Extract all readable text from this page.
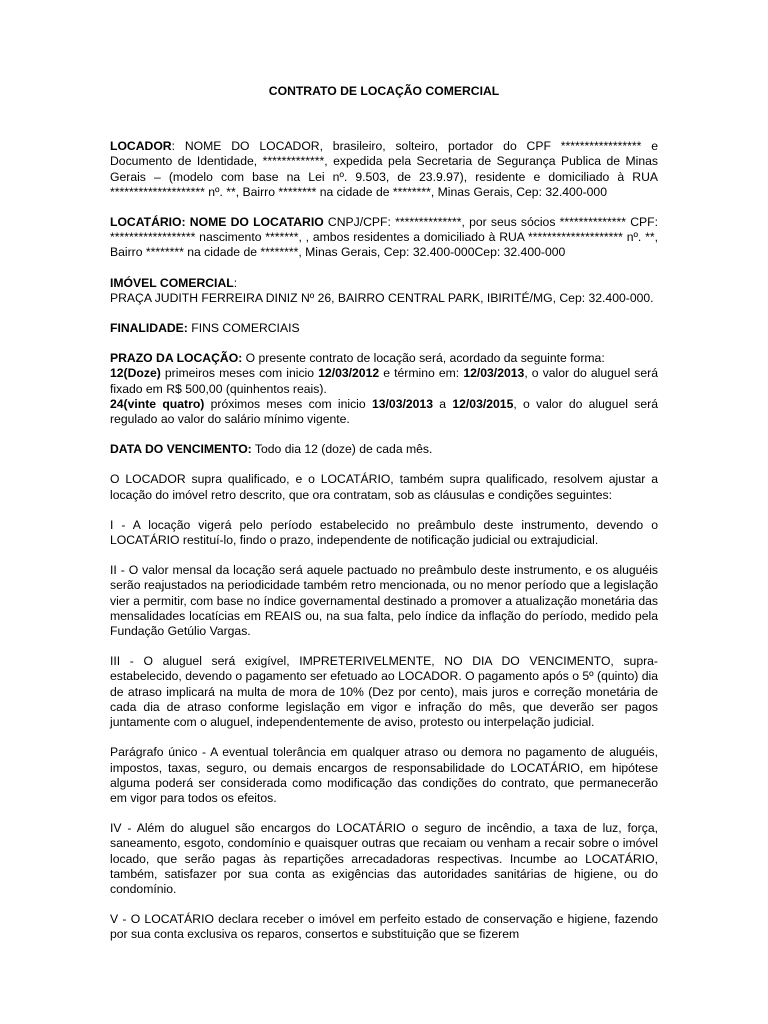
CONTRATO DE LOCAÇÃO COMERCIAL

LOCADOR: NOME DO LOCADOR, brasileiro, solteiro, portador do CPF ***************** e Documento de Identidade, *************, expedida pela Secretaria de Segurança Publica de Minas Gerais – (modelo com base na Lei nº. 9.503, de 23.9.97), residente e domiciliado à RUA ******************** nº. **, Bairro ******** na cidade de ********, Minas Gerais, Cep: 32.400-000

LOCATÁRIO: NOME DO LOCATARIO CNPJ/CPF: **************, por seus sócios ************** CPF: ****************** nascimento *******, , ambos residentes a domiciliado à RUA ******************** nº. **, Bairro ******** na cidade de ********, Minas Gerais, Cep: 32.400-000Cep: 32.400-000

IMÓVEL COMERCIAL:
PRAÇA JUDITH FERREIRA DINIZ Nº 26, BAIRRO CENTRAL PARK, IBIRITÉ/MG, Cep: 32.400-000.

FINALIDADE: FINS COMERCIAIS

PRAZO DA LOCAÇÃO: O presente contrato de locação será, acordado da seguinte forma:
12(Doze) primeiros meses com inicio 12/03/2012 e término em: 12/03/2013, o valor do aluguel será fixado em R$ 500,00 (quinhentos reais).
24(vinte quatro) próximos meses com inicio 13/03/2013 a 12/03/2015, o valor do aluguel será regulado ao valor do salário mínimo vigente.

DATA DO VENCIMENTO: Todo dia 12 (doze) de cada mês.

O LOCADOR supra qualificado, e o LOCATÁRIO, também supra qualificado, resolvem ajustar a locação do imóvel retro descrito, que ora contratam, sob as cláusulas e condições seguintes:

I - A locação vigerá pelo período estabelecido no preâmbulo deste instrumento, devendo o LOCATÁRIO restituí-lo, findo o prazo, independente de notificação judicial ou extrajudicial.

II - O valor mensal da locação será aquele pactuado no preâmbulo deste instrumento, e os aluguéis serão reajustados na periodicidade também retro mencionada, ou no menor período que a legislação vier a permitir, com base no índice governamental destinado a promover a atualização monetária das mensalidades locatícias em REAIS ou, na sua falta, pelo índice da inflação do período, medido pela Fundação Getúlio Vargas.

III - O aluguel será exigível, IMPRETERIVELMENTE, NO DIA DO VENCIMENTO, supra-estabelecido, devendo o pagamento ser efetuado ao LOCADOR. O pagamento após o 5º (quinto) dia de atraso implicará na multa de mora de 10% (Dez por cento), mais juros e correção monetária de cada dia de atraso conforme legislação em vigor e infração do mês, que deverão ser pagos juntamente com o aluguel, independentemente de aviso, protesto ou interpelação judicial.

Parágrafo único - A eventual tolerância em qualquer atraso ou demora no pagamento de aluguéis, impostos, taxas, seguro, ou demais encargos de responsabilidade do LOCATÁRIO, em hipótese alguma poderá ser considerada como modificação das condições do contrato, que permanecerão em vigor para todos os efeitos.

IV - Além do aluguel são encargos do LOCATÁRIO o seguro de incêndio, a taxa de luz, força, saneamento, esgoto, condomínio e quaisquer outras que recaiam ou venham a recair sobre o imóvel locado, que serão pagas às repartições arrecadadoras respectivas. Incumbe ao LOCATÁRIO, também, satisfazer por sua conta as exigências das autoridades sanitárias de higiene, ou do condomínio.

V - O LOCATÁRIO declara receber o imóvel em perfeito estado de conservação e higiene, fazendo por sua conta exclusiva os reparos, consertos e substituição que se fizerem
